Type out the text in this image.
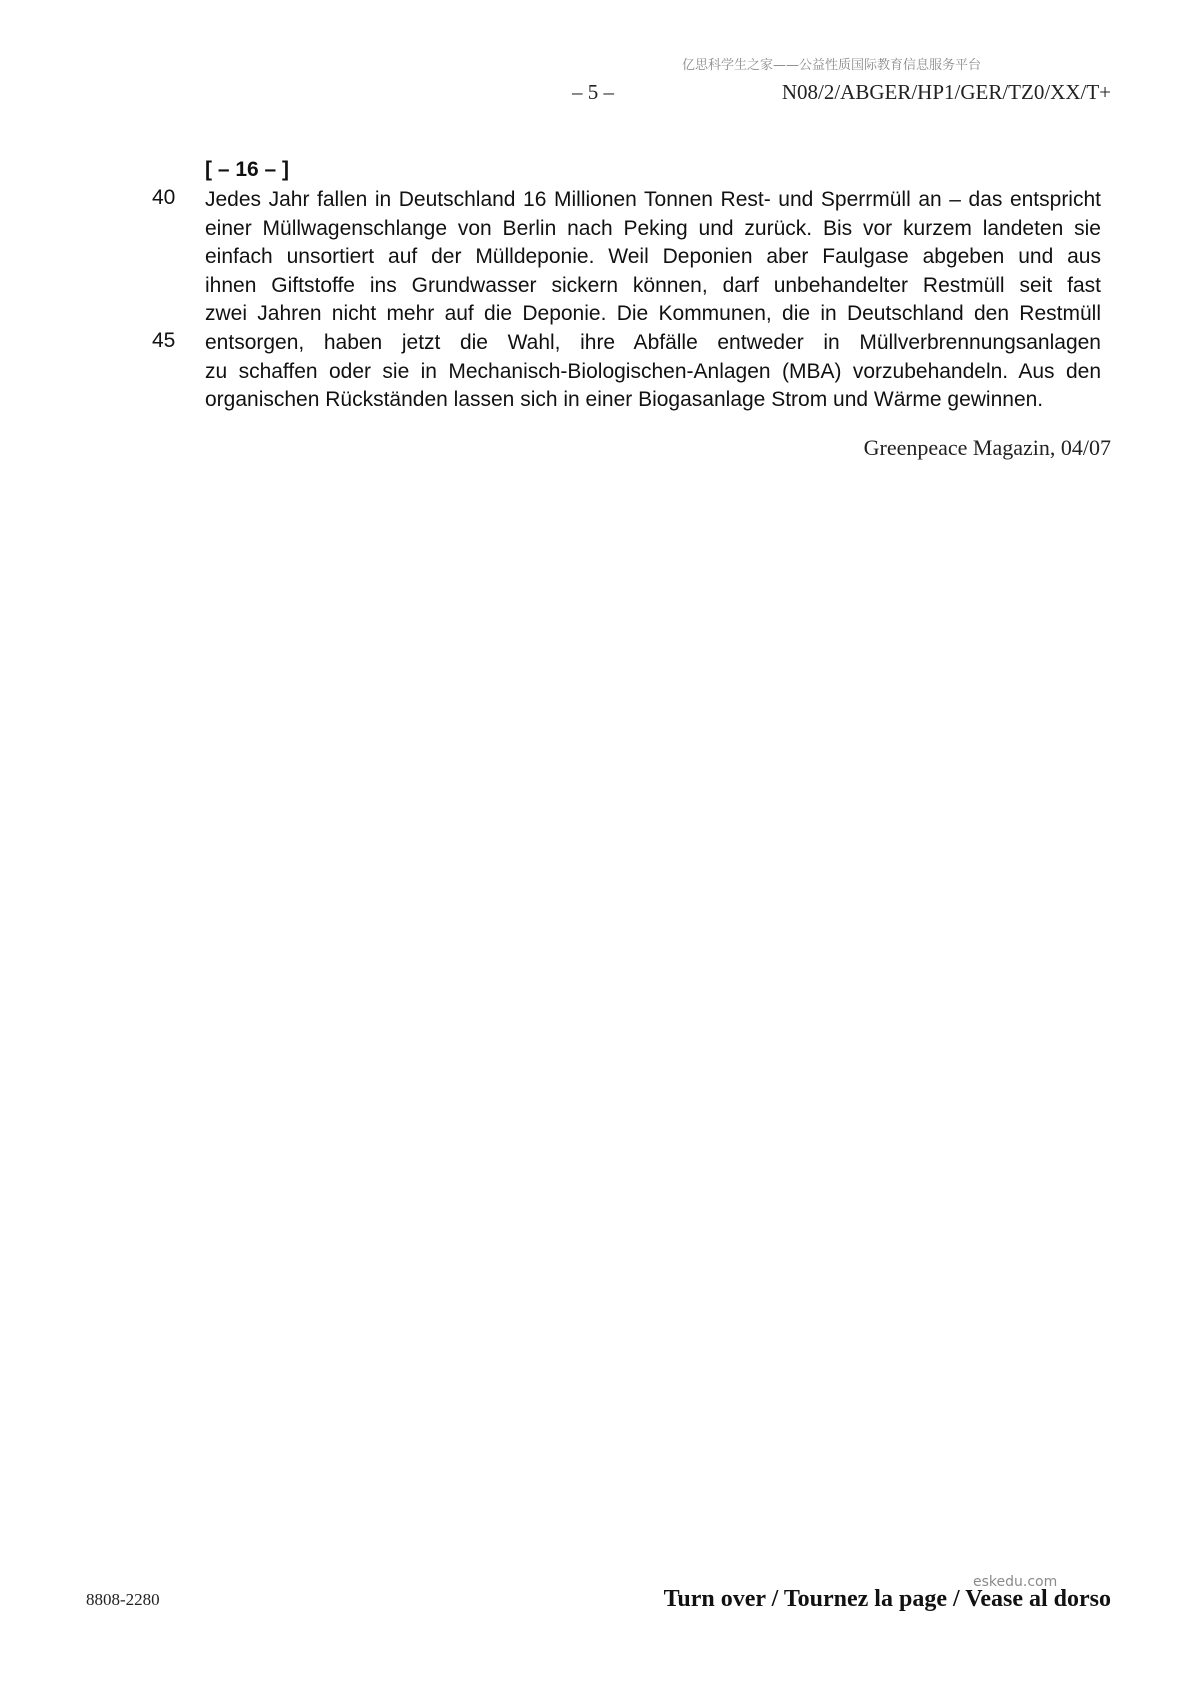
亿思科学生之家——公益性质国际教育信息服务平台
– 5 –	N08/2/ABGER/HP1/GER/TZ0/XX/T+
[ – 16 – ]
40
45
Jedes Jahr fallen in Deutschland 16 Millionen Tonnen Rest- und Sperrmüll an – das entspricht
einer Müllwagenschlange von Berlin nach Peking und zurück. Bis vor kurzem landeten sie
einfach unsortiert auf der Mülldeponie. Weil Deponien aber Faulgase abgeben und aus
ihnen Giftstoffe ins Grundwasser sickern können, darf unbehandelter Restmüll seit fast
zwei Jahren nicht mehr auf die Deponie. Die Kommunen, die in Deutschland den Restmüll
entsorgen, haben jetzt die Wahl, ihre Abfälle entweder in Müllverbrennungsanlagen
zu schaffen oder sie in Mechanisch-Biologischen-Anlagen (MBA) vorzubehandeln. Aus den
organischen Rückständen lassen sich in einer Biogasanlage Strom und Wärme gewinnen.
Greenpeace Magazin, 04/07
8808-2280
eskedu.com
Turn over / Tournez la page / Vease al dorso
